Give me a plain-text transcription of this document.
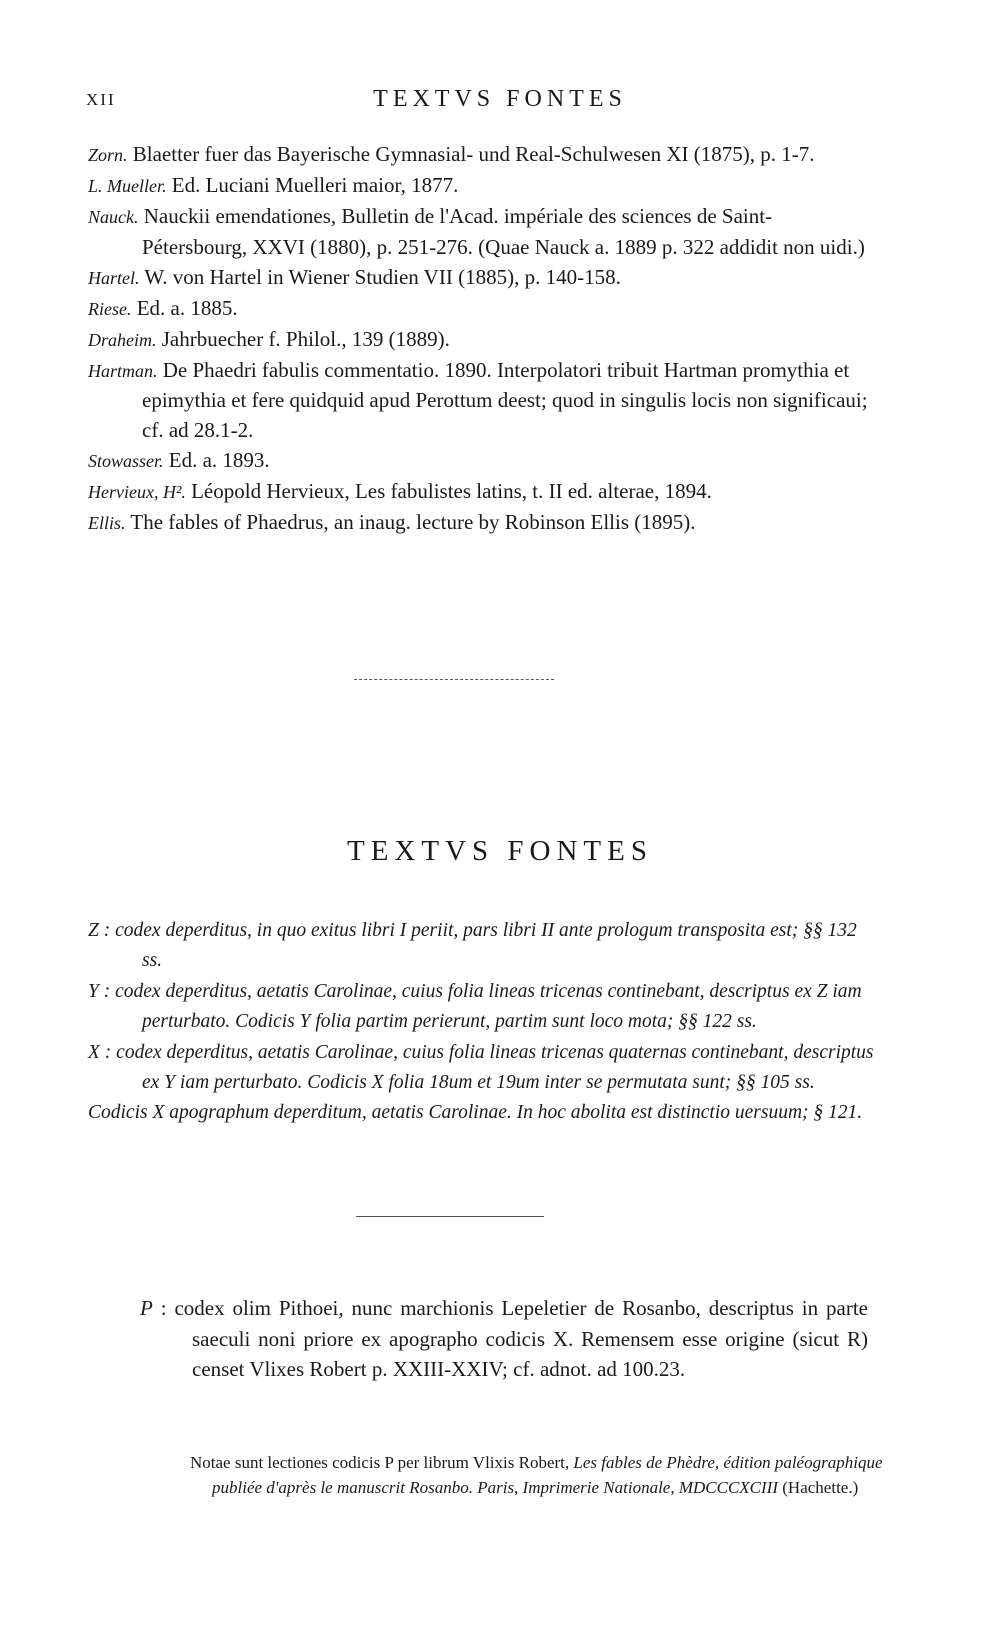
XII	TEXTVS FONTES

Zorn. Blaetter fuer das Bayerische Gymnasial- und Real-Schulwesen XI (1875), p. 1-7.

L. Mueller. Ed. Luciani Muelleri maior, 1877.

Nauck. Nauckii emendationes, Bulletin de l'Acad. impériale des sciences de Saint-Pétersbourg, XXVI (1880), p. 251-276. (Quae Nauck a. 1889 p. 322 addidit non uidi.)

Hartel. W. von Hartel in Wiener Studien VII (1885), p. 140-158.

Riese. Ed. a. 1885.

Draheim. Jahrbuecher f. Philol., 139 (1889).

Hartman. De Phaedri fabulis commentatio. 1890. Interpolatori tribuit Hartman promythia et epimythia et fere quidquid apud Perottum deest; quod in singulis locis non significaui; cf. ad 28.1-2.

Stowasser. Ed. a. 1893.

Hervieux, H². Léopold Hervieux, Les fabulistes latins, t. II ed. alterae, 1894.

Ellis. The fables of Phaedrus, an inaug. lecture by Robinson Ellis (1895).

TEXTVS FONTES

Z : codex deperditus, in quo exitus libri I periit, pars libri II ante prologum transposita est; §§ 132 ss.

Y : codex deperditus, aetatis Carolinae, cuius folia lineas tricenas continebant, descriptus ex Z iam perturbato. Codicis Y folia partim perierunt, partim sunt loco mota; §§ 122 ss.

X : codex deperditus, aetatis Carolinae, cuius folia lineas tricenas quaternas continebant, descriptus ex Y iam perturbato. Codicis X folia 18um et 19um inter se permutata sunt; §§ 105 ss.

Codicis X apographum deperditum, aetatis Carolinae. In hoc abolita est distinctio uersuum; § 121.

P : codex olim Pithoei, nunc marchionis Lepeletier de Rosanbo, descriptus in parte saeculi noni priore ex apographo codicis X. Remensem esse origine (sicut R) censet Vlixes Robert p. XXIII-XXIV; cf. adnot. ad 100.23.

Notae sunt lectiones codicis P per librum Vlixis Robert, Les fables de Phèdre, édition paléographique publiée d'après le manuscrit Rosanbo. Paris, Imprimerie Nationale, MDCCCXCIII (Hachette.)
